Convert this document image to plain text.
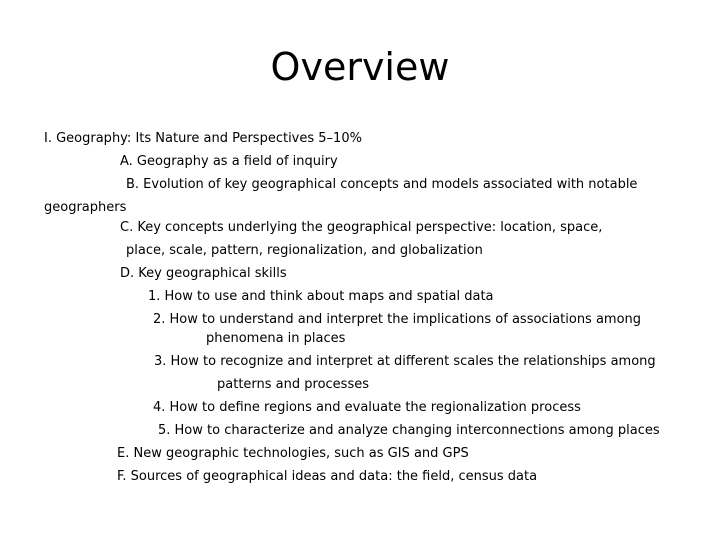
Overview
I. Geography: Its Nature and Perspectives 5–10%
A. Geography as a field of inquiry
B. Evolution of key geographical concepts and models associated with notable
geographers
C. Key concepts underlying the geographical perspective: location, space,
place, scale, pattern, regionalization, and globalization
D. Key geographical skills
1. How to use and think about maps and spatial data
2. How to understand and interpret the implications of associations among
phenomena in places
3. How to recognize and interpret at different scales the relationships among
patterns and processes
4. How to define regions and evaluate the regionalization process
5. How to characterize and analyze changing interconnections among places
E. New geographic technologies, such as GIS and GPS
F. Sources of geographical ideas and data: the field, census data
